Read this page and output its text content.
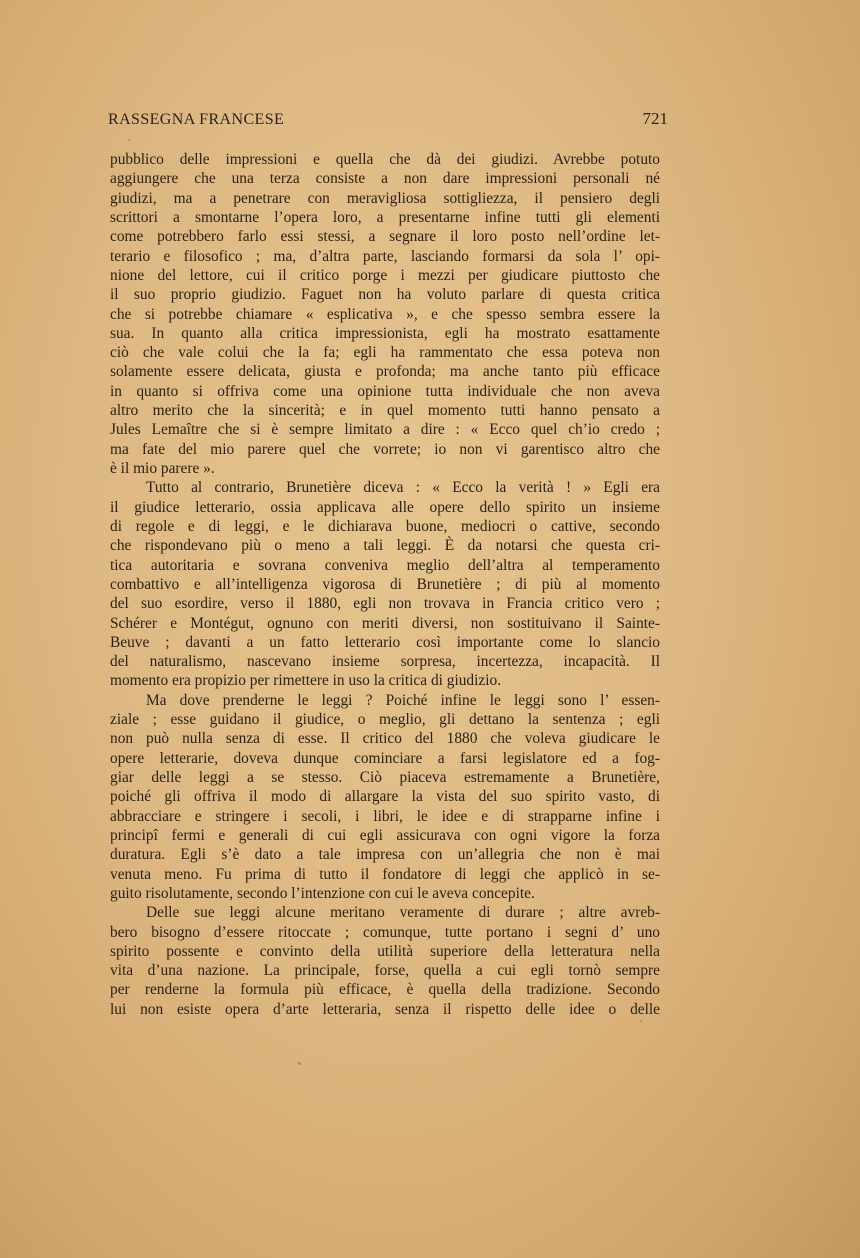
RASSEGNA FRANCESE	721
pubblico delle impressioni e quella che dà dei giudizi. Avrebbe potuto
aggiungere che una terza consiste a non dare impressioni personali né
giudizi, ma a penetrare con meravigliosa sottigliezza, il pensiero degli
scrittori a smontarne l’opera loro, a presentarne infine tutti gli elementi
come potrebbero farlo essi stessi, a segnare il loro posto nell’ordine let-
terario e filosofico ; ma, d’altra parte, lasciando formarsi da sola l’ opi-
nione del lettore, cui il critico porge i mezzi per giudicare piuttosto che
il suo proprio giudizio. Faguet non ha voluto parlare di questa critica
che si potrebbe chiamare « esplicativa », e che spesso sembra essere la
sua. In quanto alla critica impressionista, egli ha mostrato esattamente
ciò che vale colui che la fa; egli ha rammentato che essa poteva non
solamente essere delicata, giusta e profonda; ma anche tanto più efficace
in quanto si offriva come una opinione tutta individuale che non aveva
altro merito che la sincerità; e in quel momento tutti hanno pensato a
Jules Lemaître che si è sempre limitato a dire : « Ecco quel ch’io credo ;
ma fate del mio parere quel che vorrete; io non vi garentisco altro che
è il mio parere ».
Tutto al contrario, Brunetière diceva : « Ecco la verità ! » Egli era
il giudice letterario, ossia applicava alle opere dello spirito un insieme
di regole e di leggi, e le dichiarava buone, mediocri o cattive, secondo
che rispondevano più o meno a tali leggi. È da notarsi che questa cri-
tica autoritaria e sovrana conveniva meglio dell’altra al temperamento
combattivo e all’intelligenza vigorosa di Brunetière ; di più al momento
del suo esordire, verso il 1880, egli non trovava in Francia critico vero ;
Schérer e Montégut, ognuno con meriti diversi, non sostituivano il Sainte-
Beuve ; davanti a un fatto letterario così importante come lo slancio
del naturalismo, nascevano insieme sorpresa, incertezza, incapacità. Il
momento era propizio per rimettere in uso la critica di giudizio.
Ma dove prenderne le leggi ? Poiché infine le leggi sono l’ essen-
ziale ; esse guidano il giudice, o meglio, gli dettano la sentenza ; egli
non può nulla senza di esse. Il critico del 1880 che voleva giudicare le
opere letterarie, doveva dunque cominciare a farsi legislatore ed a fog-
giar delle leggi a se stesso. Ciò piaceva estremamente a Brunetière,
poiché gli offriva il modo di allargare la vista del suo spirito vasto, di
abbracciare e stringere i secoli, i libri, le idee e di strapparne infine i
principî fermi e generali di cui egli assicurava con ogni vigore la forza
duratura. Egli s’è dato a tale impresa con un’allegria che non è mai
venuta meno. Fu prima di tutto il fondatore di leggi che applicò in se-
guito risolutamente, secondo l’intenzione con cui le aveva concepite.
Delle sue leggi alcune meritano veramente di durare ; altre avreb-
bero bisogno d’essere ritoccate ; comunque, tutte portano i segni d’ uno
spirito possente e convinto della utilità superiore della letteratura nella
vita d’una nazione. La principale, forse, quella a cui egli tornò sempre
per renderne la formula più efficace, è quella della tradizione. Secondo
lui non esiste opera d’arte letteraria, senza il rispetto delle idee o delle
